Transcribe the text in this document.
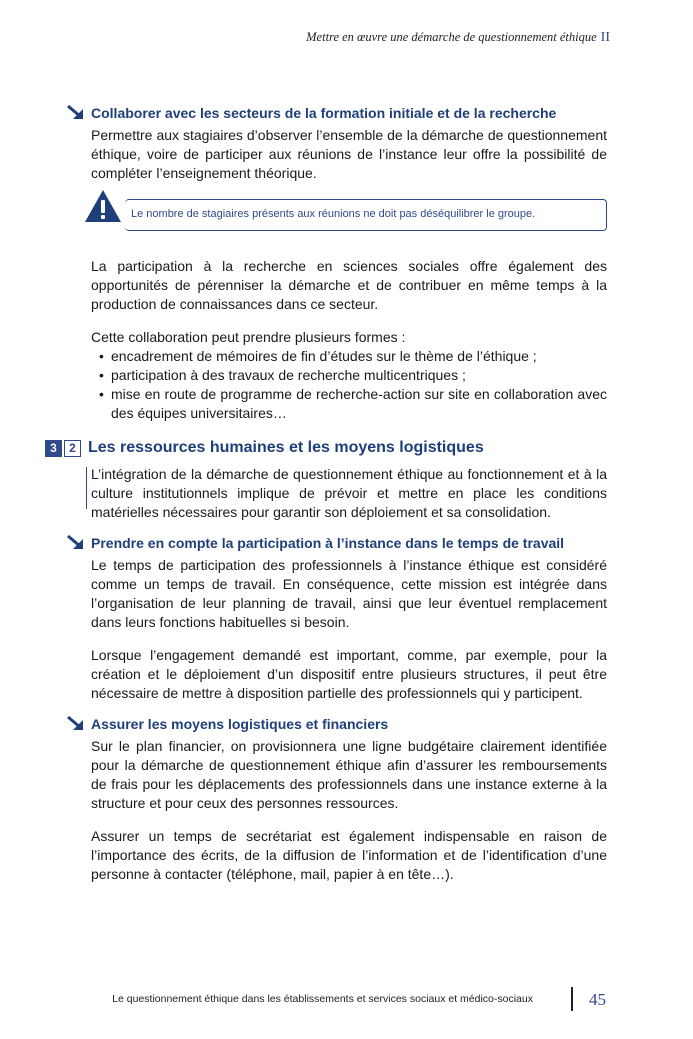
Mettre en œuvre une démarche de questionnement éthique II
Collaborer avec les secteurs de la formation initiale et de la recherche

Permettre aux stagiaires d’observer l’ensemble de la démarche de questionnement éthique, voire de participer aux réunions de l’instance leur offre la possibilité de compléter l’enseignement théorique.

Le nombre de stagiaires présents aux réunions ne doit pas déséquilibrer le groupe.

La participation à la recherche en sciences sociales offre également des opportunités de pérenniser la démarche et de contribuer en même temps à la production de connaissances dans ce secteur.

Cette collaboration peut prendre plusieurs formes :

• encadrement de mémoires de fin d’études sur le thème de l’éthique ;
• participation à des travaux de recherche multicentriques ;
• mise en route de programme de recherche-action sur site en collaboration avec des équipes universitaires…
3	2 Les ressources humaines et les moyens logistiques

L’intégration de la démarche de questionnement éthique au fonctionnement et à la culture institutionnels implique de prévoir et mettre en place les conditions matérielles nécessaires pour garantir son déploiement et sa consolidation.

Prendre en compte la participation à l’instance dans le temps de travail

Le temps de participation des professionnels à l’instance éthique est considéré comme un temps de travail. En conséquence, cette mission est intégrée dans l’organisation de leur planning de travail, ainsi que leur éventuel remplacement dans leurs fonctions habituelles si besoin.

Lorsque l’engagement demandé est important, comme, par exemple, pour la création et le déploiement d’un dispositif entre plusieurs structures, il peut être nécessaire de mettre à disposition partielle des professionnels qui y participent.

Assurer les moyens logistiques et financiers

Sur le plan financier, on provisionnera une ligne budgétaire clairement identifiée pour la démarche de questionnement éthique afin d’assurer les remboursements de frais pour les déplacements des professionnels dans une instance externe à la structure et pour ceux des personnes ressources.

Assurer un temps de secrétariat est également indispensable en raison de l’importance des écrits, de la diffusion de l’information et de l’identification d’une personne à contacter (téléphone, mail, papier à en tête…).

Le questionnement éthique dans les établissements et services sociaux et médico-sociaux	45
